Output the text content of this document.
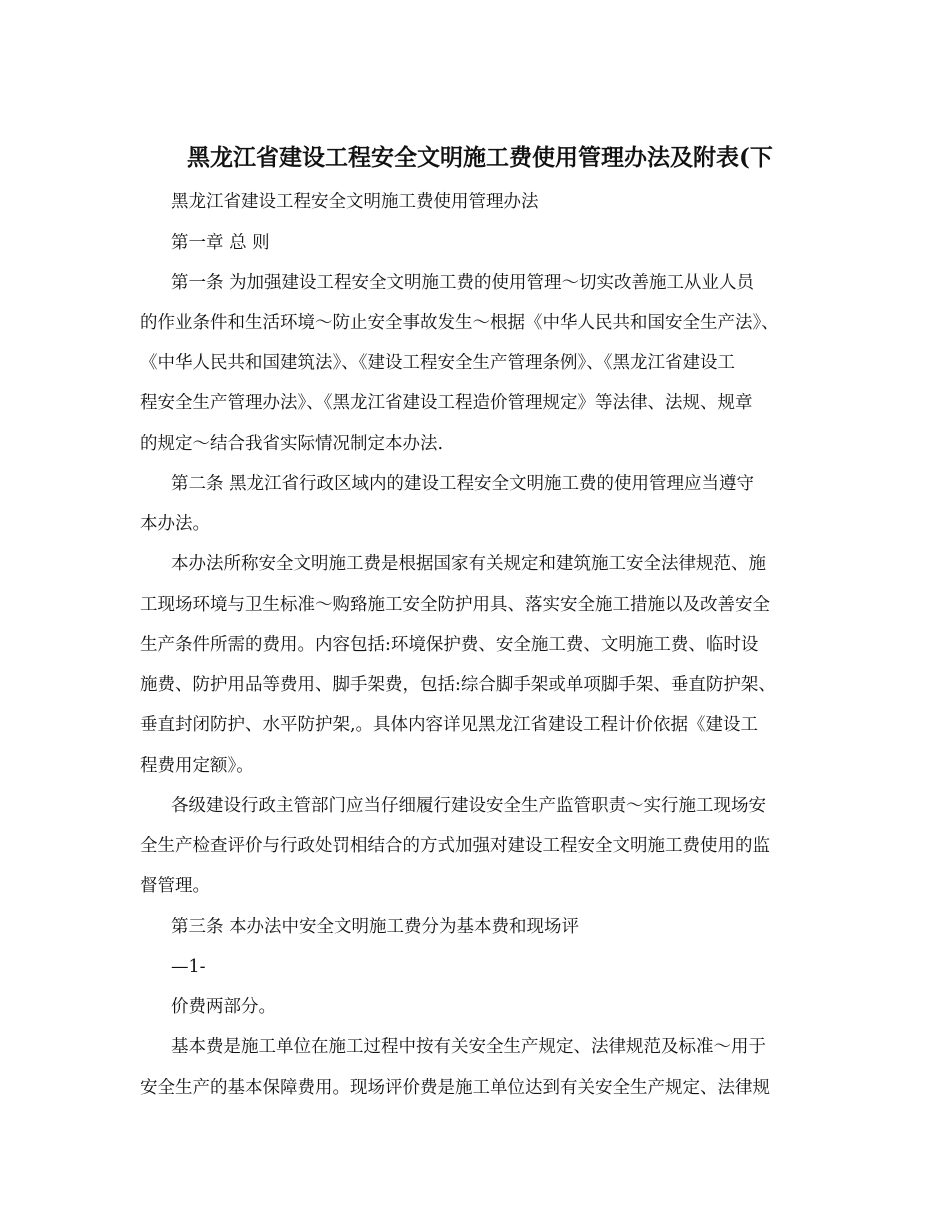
黑龙江省建设工程安全文明施工费使用管理办法及附表(下
黑龙江省建设工程安全文明施工费使用管理办法
第一章 总 则
第一条 为加强建设工程安全文明施工费的使用管理～切实改善施工从业人员
的作业条件和生活环境～防止安全事故发生～根据《中华人民共和国安全生产法》、
《中华人民共和国建筑法》、《建设工程安全生产管理条例》、《黑龙江省建设工
程安全生产管理办法》、《黑龙江省建设工程造价管理规定》等法律、法规、规章
的规定～结合我省实际情况制定本办法.
第二条 黑龙江省行政区域内的建设工程安全文明施工费的使用管理应当遵守
本办法。
本办法所称安全文明施工费是根据国家有关规定和建筑施工安全法律规范、施
工现场环境与卫生标准～购臵施工安全防护用具、落实安全施工措施以及改善安全
生产条件所需的费用。内容包括:环境保护费、安全施工费、文明施工费、临时设
施费、防护用品等费用、脚手架费，包括:综合脚手架或单项脚手架、垂直防护架、
垂直封闭防护、水平防护架,。具体内容详见黑龙江省建设工程计价依据《建设工
程费用定额》。
各级建设行政主管部门应当仔细履行建设安全生产监管职责～实行施工现场安
全生产检查评价与行政处罚相结合的方式加强对建设工程安全文明施工费使用的监
督管理。
第三条 本办法中安全文明施工费分为基本费和现场评
—1-
价费两部分。
基本费是施工单位在施工过程中按有关安全生产规定、法律规范及标准～用于
安全生产的基本保障费用。现场评价费是施工单位达到有关安全生产规定、法律规
